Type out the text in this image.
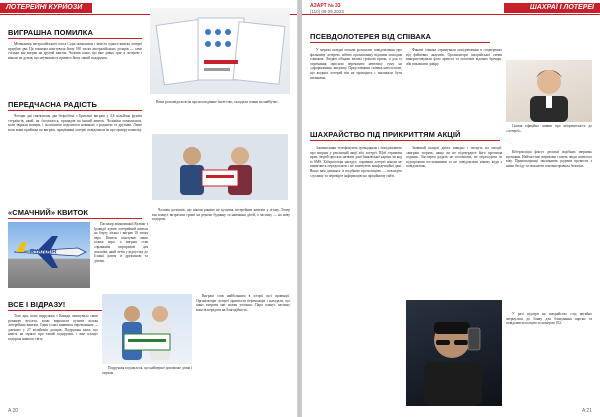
ЛОТЕРЕЙНІ КУРЙОЗИ
ВИГРАШНА ПОМИЛКА

Мешканець австралійського міста Сідні помилився і замість одного квитка лотереї придбав два. Ця помилка коштувала йому 180 тисяч австралійських доларів — саме стільки він виграв на другий квиток. Чоловік каже, що вже давно грає в лотерею і ніколи не думав, що неуважність принесе йому такий подарунок.

ПЕРЕДЧАСНА РАДІСТЬ

Чотири дні святкували два безробітні з Британії виграш у 4,6 мільйона фунтів стерлінгів, який, як з'ясувалося, припадав на інший квиток. Чоловіки помилилися, коли звіряли номери, і поспішили поділитися новиною з родиною та друзями. Лише коли вони прийшли по виграш, працівники лотереї повідомили їм про прикру помилку.

Вони розповідали всім про несподіване багатство, складали плани на майбутнє.

«СМАЧНИЙ» КВИТОК
RYANAIR

Пасажир авіакомпанії Ryanair з Ірландії купив лотерейний квиток на борту літака і виграв 10 тисяч євро. Квиток коштував лише кілька євро, а виграш став справжнім сюрпризом для чоловіка, який летів у відпустку до Іспанії разом із дружиною та дітьми.

Чоловік розповів, що ніколи раніше не купував лотерейних квитків у літаку. Тепер він планує витратити гроші на ремонт будинку та навчання дітей, а частину — на нову подорож.

ВСЕ І ВІДРАЗУ!

Того дня, коли подружжя з Канади святкувало свою річницю весілля, вони вирішили купити кілька лотерейних квитків. Один із них виявився переможним — джекпот у 27 мільйонів доларів. Подружжя каже, що навіть не мріяло про такий подарунок, і вже планує подорож навколо світу.

Подружжя поділилося, що найперше допоможе дітям і онукам.

Виграш став найбільшим в історії цієї провінції. Організатори лотереї привітали переможців і нагадали, що шанс виграти має кожен учасник. Пара планує частину коштів передати на благодійність.

A 20
АЗАРТ № 33
(110) 09.09.2022
ШАХРАЇ І ЛОТЕРЕЇ
ПСЕВДОЛОТЕРЕЯ ВІД СПІВАКА

У мережі шахраї почали розсилати повідомлення про фальшиву лотерею, нібито організовану відомим молодим співаком. Людям обіцяли великі грошові призи, а для їх отримання просили переказати невелику суму на «оформлення» виграшу. Представники співака наголосили, що жодних лотерей він не проводить і закликали бути пильними.

Фанати співака отримували повідомлення в соцмережах від фейкових акаунтів. Організатори шахрайської схеми використовували фото артиста та логотипи відомих брендів, аби викликати довіру.

Співак офіційно заявив про непричетність до «лотереї».

ШАХРАЙСТВО ПІД ПРИКРИТТЯМ АКЦІЙ

Зловмисники телефонують громадянам і повідомляють про виграш у рекламній акції або лотереї. Щоб отримати приз, людей просять назвати дані банківської картки чи код із SMS. Кіберполіція нагадує: справжні лотереї ніколи не вимагають передоплати і не запитують конфіденційні дані. Якщо вам дзвонять із подібною пропозицією — покладіть слухавку та перевірте інформацію на офіційному сайті.

Зазвичай шахраї діють швидко і тиснуть на емоції: «виграш згорить, якщо ви не підтвердите його протягом години». Експерти радять не поспішати, не переходити за підозрілими посиланнями та не повідомляти нікому коди з повідомлень.

Кіберполіція фіксує десятки подібних звернень щотижня. Найчастіше жертвами стають люди похилого віку. Правоохоронці закликають родичів провести з ними бесіду та пояснити основні правила безпеки.

У разі підозри на шахрайство слід негайно звернутися до банку для блокування картки та повідомити поліцію за номером 102.

A 21
